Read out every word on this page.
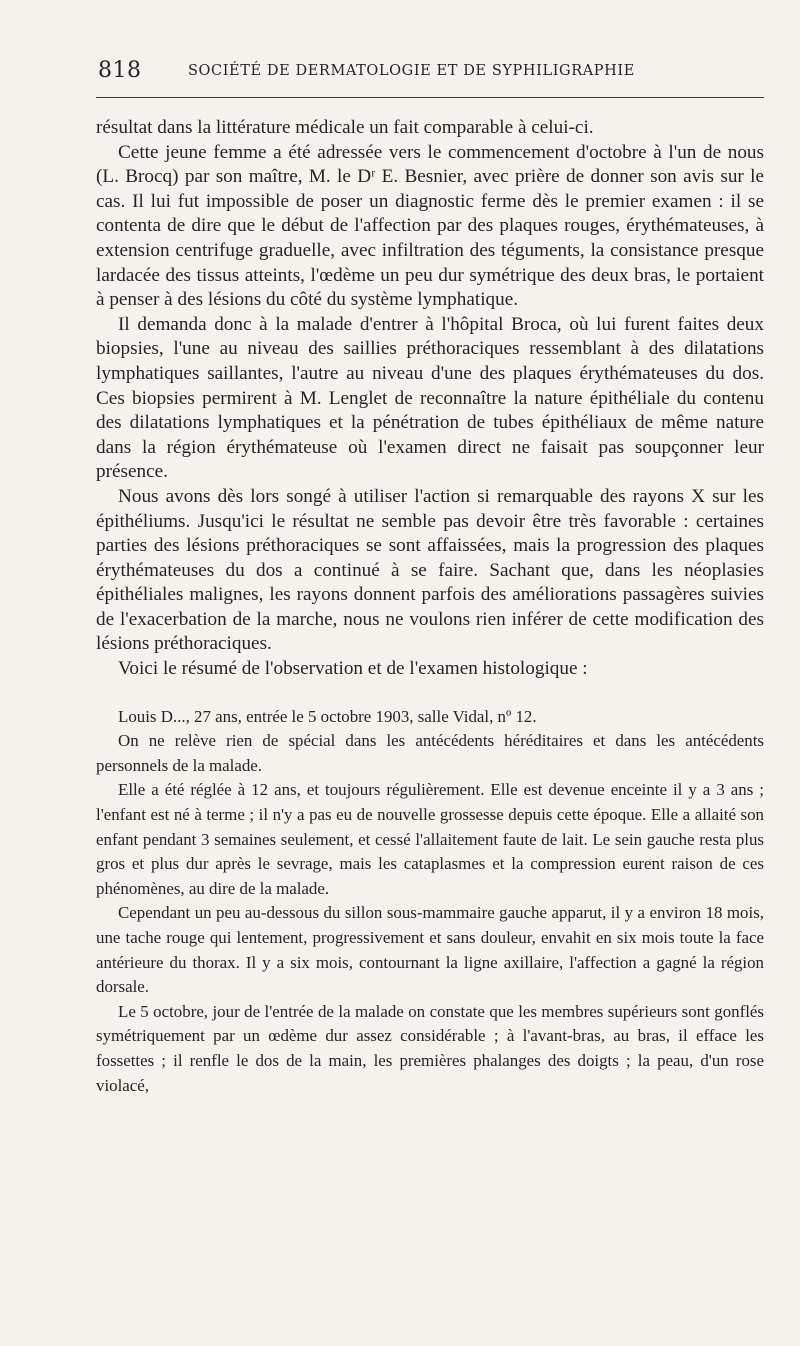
818	SOCIÉTÉ DE DERMATOLOGIE ET DE SYPHILIGRAPHIE

résultat dans la littérature médicale un fait comparable à celui-ci.

Cette jeune femme a été adressée vers le commencement d'octobre à l'un de nous (L. Brocq) par son maître, M. le Dʳ E. Besnier, avec prière de donner son avis sur le cas. Il lui fut impossible de poser un diagnostic ferme dès le premier examen : il se contenta de dire que le début de l'affection par des plaques rouges, érythémateuses, à extension centrifuge graduelle, avec infiltration des téguments, la consistance presque lardacée des tissus atteints, l'œdème un peu dur symétrique des deux bras, le portaient à penser à des lésions du côté du système lymphatique.

Il demanda donc à la malade d'entrer à l'hôpital Broca, où lui furent faites deux biopsies, l'une au niveau des saillies préthoraciques ressemblant à des dilatations lymphatiques saillantes, l'autre au niveau d'une des plaques érythémateuses du dos. Ces biopsies permirent à M. Lenglet de reconnaître la nature épithéliale du contenu des dilatations lymphatiques et la pénétration de tubes épithéliaux de même nature dans la région érythémateuse où l'examen direct ne faisait pas soupçonner leur présence.

Nous avons dès lors songé à utiliser l'action si remarquable des rayons X sur les épithéliums. Jusqu'ici le résultat ne semble pas devoir être très favorable : certaines parties des lésions préthoraciques se sont affaissées, mais la progression des plaques érythémateuses du dos a continué à se faire. Sachant que, dans les néoplasies épithéliales malignes, les rayons donnent parfois des améliorations passagères suivies de l'exacerbation de la marche, nous ne voulons rien inférer de cette modification des lésions préthoraciques.

Voici le résumé de l'observation et de l'examen histologique :

Louis D..., 27 ans, entrée le 5 octobre 1903, salle Vidal, nº 12.

On ne relève rien de spécial dans les antécédents héréditaires et dans les antécédents personnels de la malade.

Elle a été réglée à 12 ans, et toujours régulièrement. Elle est devenue enceinte il y a 3 ans ; l'enfant est né à terme ; il n'y a pas eu de nouvelle grossesse depuis cette époque. Elle a allaité son enfant pendant 3 semaines seulement, et cessé l'allaitement faute de lait. Le sein gauche resta plus gros et plus dur après le sevrage, mais les cataplasmes et la compression eurent raison de ces phénomènes, au dire de la malade.

Cependant un peu au-dessous du sillon sous-mammaire gauche apparut, il y a environ 18 mois, une tache rouge qui lentement, progressivement et sans douleur, envahit en six mois toute la face antérieure du thorax. Il y a six mois, contournant la ligne axillaire, l'affection a gagné la région dorsale.

Le 5 octobre, jour de l'entrée de la malade on constate que les membres supérieurs sont gonflés symétriquement par un œdème dur assez considérable ; à l'avant-bras, au bras, il efface les fossettes ; il renfle le dos de la main, les premières phalanges des doigts ; la peau, d'un rose violacé,
